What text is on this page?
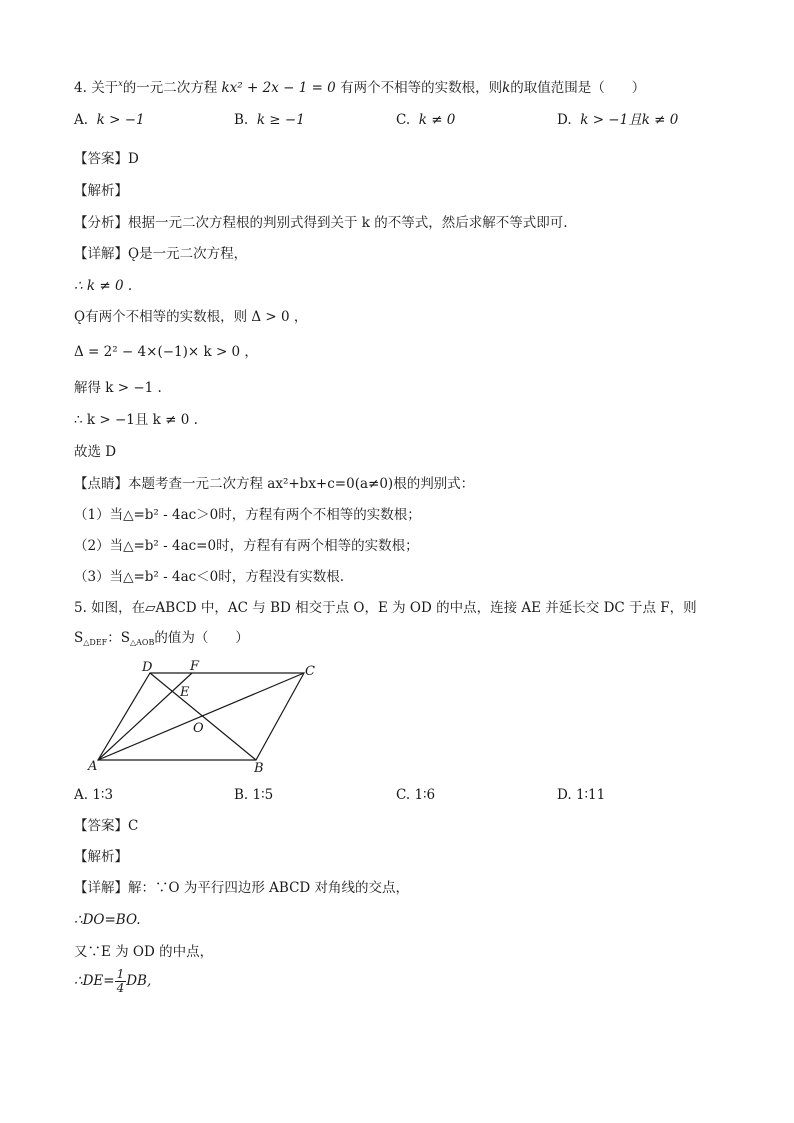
4. 关于$^x$的一元二次方程 kx² + 2x − 1 = 0 有两个不相等的实数根，则k的取值范围是（　　）
A. k > −1	B. k ≥ −1	C. k ≠ 0	D. k > −1且k ≠ 0
【答案】D
【解析】
【分析】根据一元二次方程根的判别式得到关于 k 的不等式，然后求解不等式即可.
【详解】Ǫ是一元二次方程，
∴ k ≠ 0 .
Ǫ有两个不相等的实数根，则 Δ > 0 ，
Δ = 2² − 4×(−1)× k > 0 ，
解得 k > −1 .
∴ k > −1且 k ≠ 0 .
故选 D
【点睛】本题考查一元二次方程 ax²+bx+c=0(a≠0)根的判别式：
（1）当△=b² - 4ac＞0时，方程有两个不相等的实数根；
（2）当△=b² - 4ac=0时，方程有有两个相等的实数根；
（3）当△=b² - 4ac＜0时，方程没有实数根.
5. 如图，在▱ABCD 中，AC 与 BD 相交于点 O，E 为 OD 的中点，连接 AE 并延长交 DC 于点 F，则
$S_{\triangle DEF}$：$S_{\triangle AOB}$的值为（　　）
A	B
C
D
E
F
O
A. 1∶3	B. 1∶5	C. 1∶6	D. 1∶11
【答案】C
【解析】
【详解】解：∵O 为平行四边形 ABCD 对角线的交点，
∴DO=BO.
又∵E 为 OD 的中点，
∴DE= $\frac{1}{4}$ DB,
